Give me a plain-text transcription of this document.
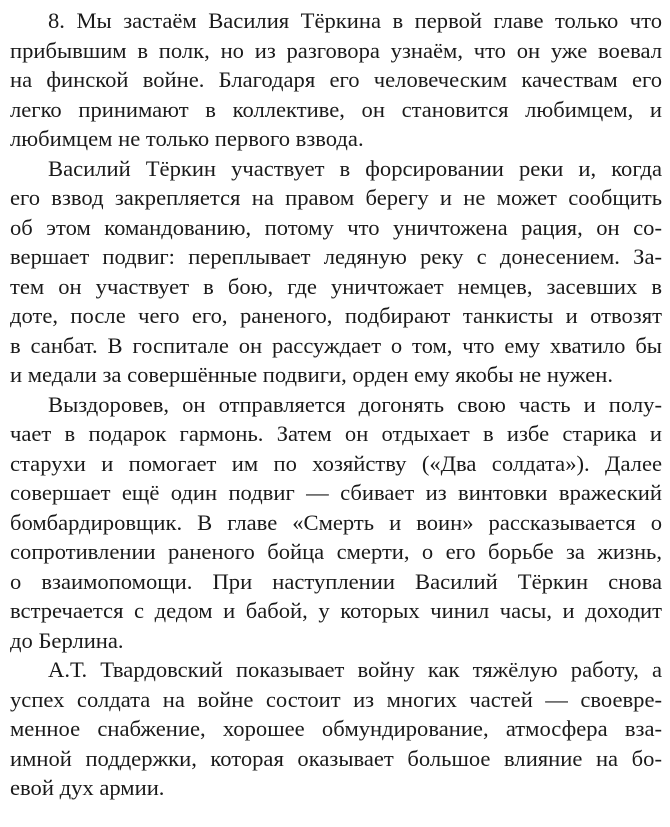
8. Мы застаём Василия Тёркина в первой главе только что
прибывшим в полк, но из разговора узнаём, что он уже воевал
на финской войне. Благодаря его человеческим качествам его
легко принимают в коллективе, он становится любимцем, и
любимцем не только первого взвода.
Василий Тёркин участвует в форсировании реки и, когда
его взвод закрепляется на правом берегу и не может сообщить
об этом командованию, потому что уничтожена рация, он со-
вершает подвиг: переплывает ледяную реку с донесением. За-
тем он участвует в бою, где уничтожает немцев, засевших в
доте, после чего его, раненого, подбирают танкисты и отвозят
в санбат. В госпитале он рассуждает о том, что ему хватило бы
и медали за совершённые подвиги, орден ему якобы не нужен.
Выздоровев, он отправляется догонять свою часть и полу-
чает в подарок гармонь. Затем он отдыхает в избе старика и
старухи и помогает им по хозяйству («Два солдата»). Далее
совершает ещё один подвиг — сбивает из винтовки вражеский
бомбардировщик. В главе «Смерть и воин» рассказывается о
сопротивлении раненого бойца смерти, о его борьбе за жизнь,
о взаимопомощи. При наступлении Василий Тёркин снова
встречается с дедом и бабой, у которых чинил часы, и доходит
до Берлина.
А.Т. Твардовский показывает войну как тяжёлую работу, а
успех солдата на войне состоит из многих частей — своевре-
менное снабжение, хорошее обмундирование, атмосфера вза-
имной поддержки, которая оказывает большое влияние на бо-
евой дух армии.
